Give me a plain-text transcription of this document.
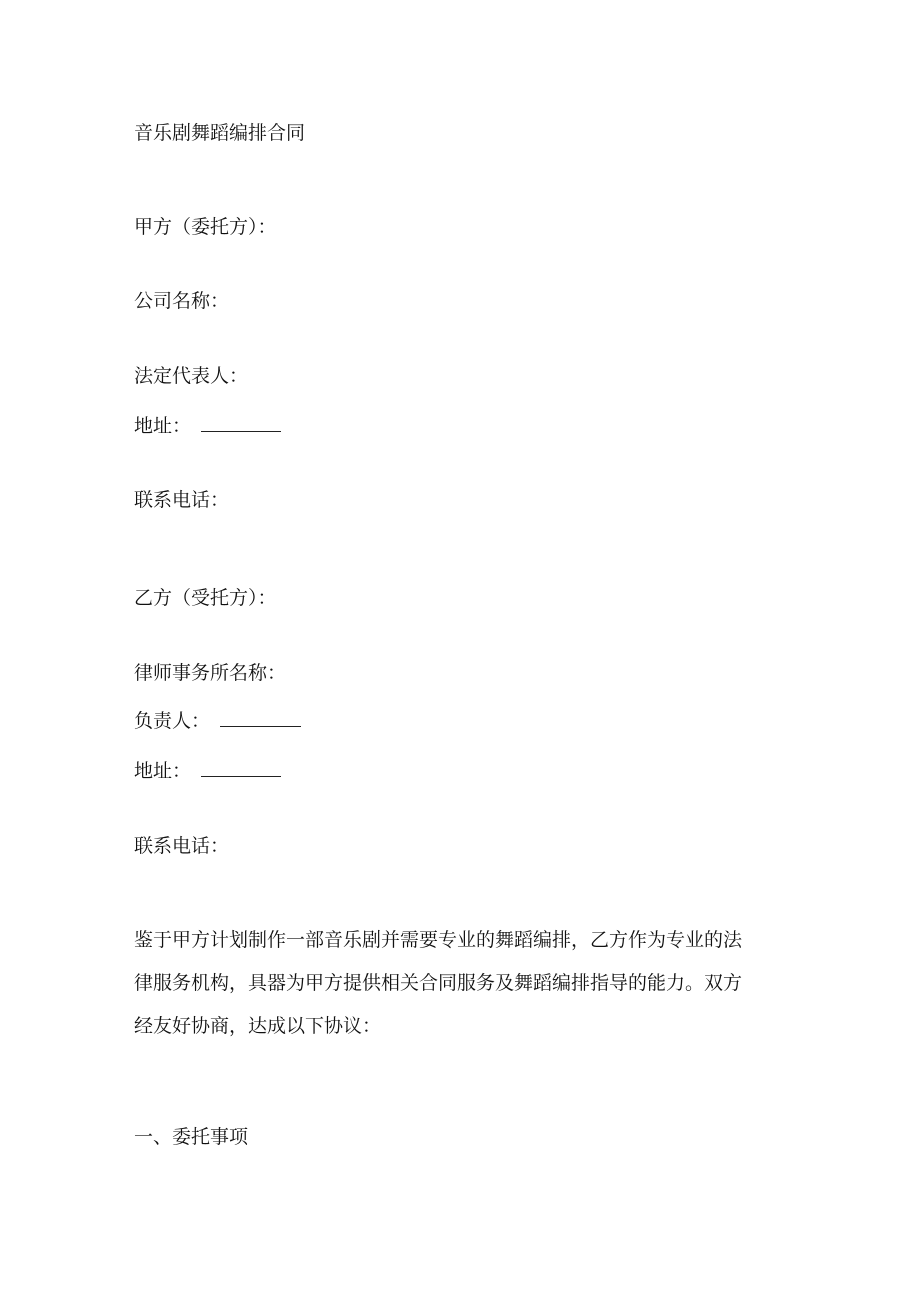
音乐剧舞蹈编排合同
甲方（委托方）：
公司名称：
法定代表人：
地址：
联系电话：
乙方（受托方）：
律师事务所名称：
负责人：
地址：
联系电话：
鉴于甲方计划制作一部音乐剧并需要专业的舞蹈编排，乙方作为专业的法
律服务机构，具器为甲方提供相关合同服务及舞蹈编排指导的能力。双方
经友好协商，达成以下协议：
一、委托事项
